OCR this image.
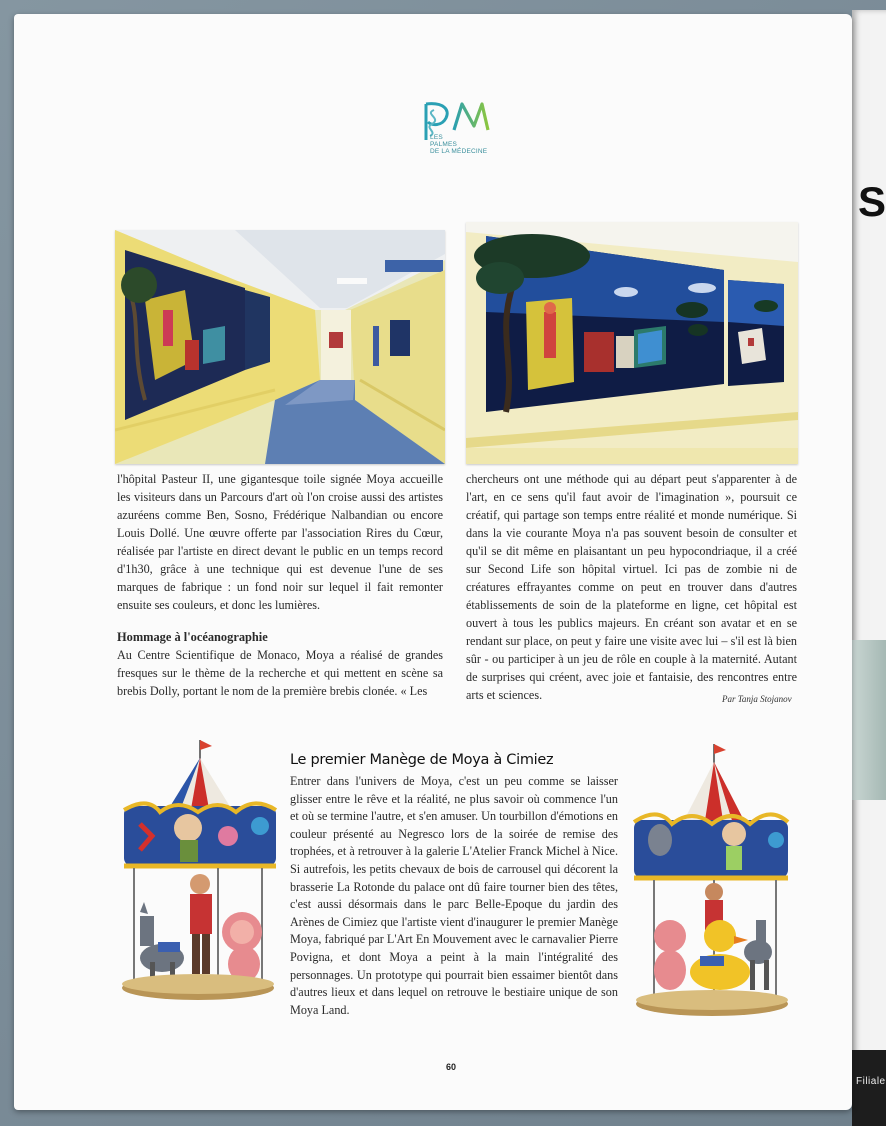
S
Filiale
LES
PALMES
DE LA MÉDECINE

l'hôpital Pasteur II, une gigantesque toile signée Moya accueille les visiteurs dans un Parcours d'art où l'on croise aussi des artistes azuréens comme Ben, Sosno, Frédérique Nalbandian ou encore Louis Dollé. Une œuvre offerte par l'association Rires du Cœur, réalisée par l'artiste en direct devant le public en un temps record d'1h30, grâce à une technique qui est devenue l'une de ses marques de fabrique : un fond noir sur lequel il fait remonter ensuite ses couleurs, et donc les lumières.

Hommage à l'océanographie

Au Centre Scientifique de Monaco, Moya a réalisé de grandes fresques sur le thème de la recherche et qui mettent en scène sa brebis Dolly, portant le nom de la première brebis clonée. « Les

chercheurs ont une méthode qui au départ peut s'apparenter à de l'art, en ce sens qu'il faut avoir de l'imagination », poursuit ce créatif, qui partage son temps entre réalité et monde numérique. Si dans la vie courante Moya n'a pas souvent besoin de consulter et qu'il se dit même en plaisantant un peu hypocondriaque, il a créé sur Second Life son hôpital virtuel. Ici pas de zombie ni de créatures effrayantes comme on peut en trouver dans d'autres établissements de soin de la plateforme en ligne, cet hôpital est ouvert à tous les publics majeurs. En créant son avatar et en se rendant sur place, on peut y faire une visite avec lui – s'il est là bien sûr - ou participer à un jeu de rôle en couple à la maternité. Autant de surprises qui créent, avec joie et fantaisie, des rencontres entre arts et sciences.	Par Tanja Stojanov
Le premier Manège de Moya à Cimiez
Entrer dans l'univers de Moya, c'est un peu comme se laisser glisser entre le rêve et la réalité, ne plus savoir où commence l'un et où se termine l'autre, et s'en amuser. Un tourbillon d'émotions en couleur présenté au Negresco lors de la soirée de remise des trophées, et à retrouver à la galerie L'Atelier Franck Michel à Nice. Si autrefois, les petits chevaux de bois de carrousel qui décorent la brasserie La Rotonde du palace ont dû faire tourner bien des têtes, c'est aussi désormais dans le parc Belle-Epoque du jardin des Arènes de Cimiez que l'artiste vient d'inaugurer le premier Manège Moya, fabriqué par L'Art En Mouvement avec le carnavalier Pierre Povigna, et dont Moya a peint à la main l'intégralité des personnages. Un prototype qui pourrait bien essaimer bientôt dans d'autres lieux et dans lequel on retrouve le bestiaire unique de son Moya Land.
60
